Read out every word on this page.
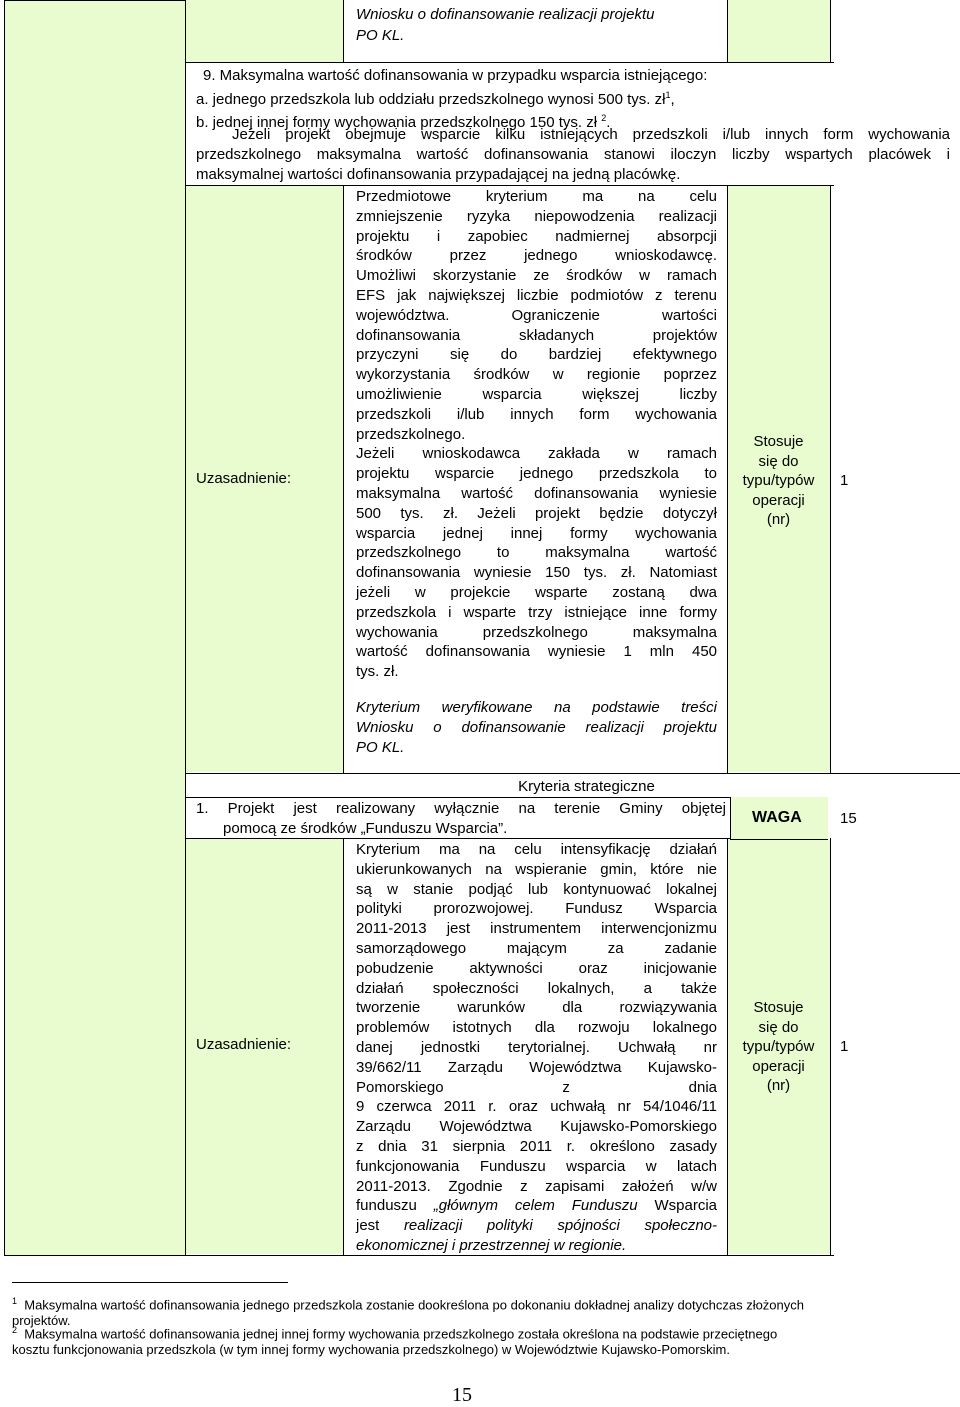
Wniosku o dofinansowanie realizacji projektu
PO KL.
9. Maksymalna wartość dofinansowania w przypadku wsparcia istniejącego:
a. jednego przedszkola lub oddziału przedszkolnego wynosi 500 tys. $zł^1$,
b. jednej innej formy wychowania przedszkolnego 150 tys. zł $^2$.

Jeżeli projekt obejmuje wsparcie kilku istniejących przedszkoli i/lub innych form wychowania

przedszkolnego maksymalna wartość dofinansowania stanowi iloczyn liczby wspartych placówek i

maksymalnej wartości dofinansowania przypadającej na jedną placówkę.

Uzasadnienie:

Przedmiotowe kryterium ma na celu

zmniejszenie ryzyka niepowodzenia realizacji

projektu i zapobiec nadmiernej absorpcji

środków przez jednego wnioskodawcę.

Umożliwi skorzystanie ze środków w ramach

EFS jak największej liczbie podmiotów z terenu

województwa. Ograniczenie wartości

dofinansowania składanych projektów

przyczyni się do bardziej efektywnego

wykorzystania środków w regionie poprzez

umożliwienie wsparcia większej liczby

przedszkoli i/lub innych form wychowania

przedszkolnego.

Jeżeli wnioskodawca zakłada w ramach

projektu wsparcie jednego przedszkola to

maksymalna wartość dofinansowania wyniesie

500 tys. zł. Jeżeli projekt będzie dotyczył

wsparcia jednej innej formy wychowania

przedszkolnego to maksymalna wartość

dofinansowania wyniesie 150 tys. zł. Natomiast

jeżeli w projekcie wsparte zostaną dwa

przedszkola i wsparte trzy istniejące inne formy

wychowania przedszkolnego maksymalna

wartość dofinansowania wyniesie 1 mln 450

tys. zł.

Kryterium weryfikowane na podstawie treści

Wniosku o dofinansowanie realizacji projektu

PO KL.

Stosuje
się do
typu/typów
operacji
(nr)
1
Kryteria strategiczne
1. Projekt jest realizowany wyłącznie na terenie Gminy objętej
pomocą ze środków „Funduszu Wsparcia”.
WAGA	15
Uzasadnienie:

Kryterium ma na celu intensyfikację działań

ukierunkowanych na wspieranie gmin, które nie

są w stanie podjąć lub kontynuować lokalnej

polityki prorozwojowej. Fundusz Wsparcia

2011-2013 jest instrumentem interwencjonizmu

samorządowego mającym za zadanie

pobudzenie aktywności oraz inicjowanie

działań społeczności lokalnych, a także

tworzenie warunków dla rozwiązywania

problemów istotnych dla rozwoju lokalnego

danej jednostki terytorialnej. Uchwałą nr

39/662/11 Zarządu Województwa Kujawsko-

Pomorskiego z dnia

9 czerwca 2011 r. oraz uchwałą nr 54/1046/11

Zarządu Województwa Kujawsko-Pomorskiego

z dnia 31 sierpnia 2011 r. określono zasady

funkcjonowania Funduszu wsparcia w latach

2011-2013. Zgodnie z zapisami założeń w/w

funduszu „głównym celem Funduszu Wsparcia

jest realizacji polityki spójności społeczno-

ekonomicznej i przestrzennej w regionie.

Stosuje
się do
typu/typów
operacji
(nr)
1
$^1$ Maksymalna wartość dofinansowania jednego przedszkola zostanie dookreślona po dokonaniu dokładnej analizy dotychczas złożonych
projektów.
$^2$ Maksymalna wartość dofinansowania jednej innej formy wychowania przedszkolnego została określona na podstawie przeciętnego
kosztu funkcjonowania przedszkola (w tym innej formy wychowania przedszkolnego) w Województwie Kujawsko-Pomorskim.
15
